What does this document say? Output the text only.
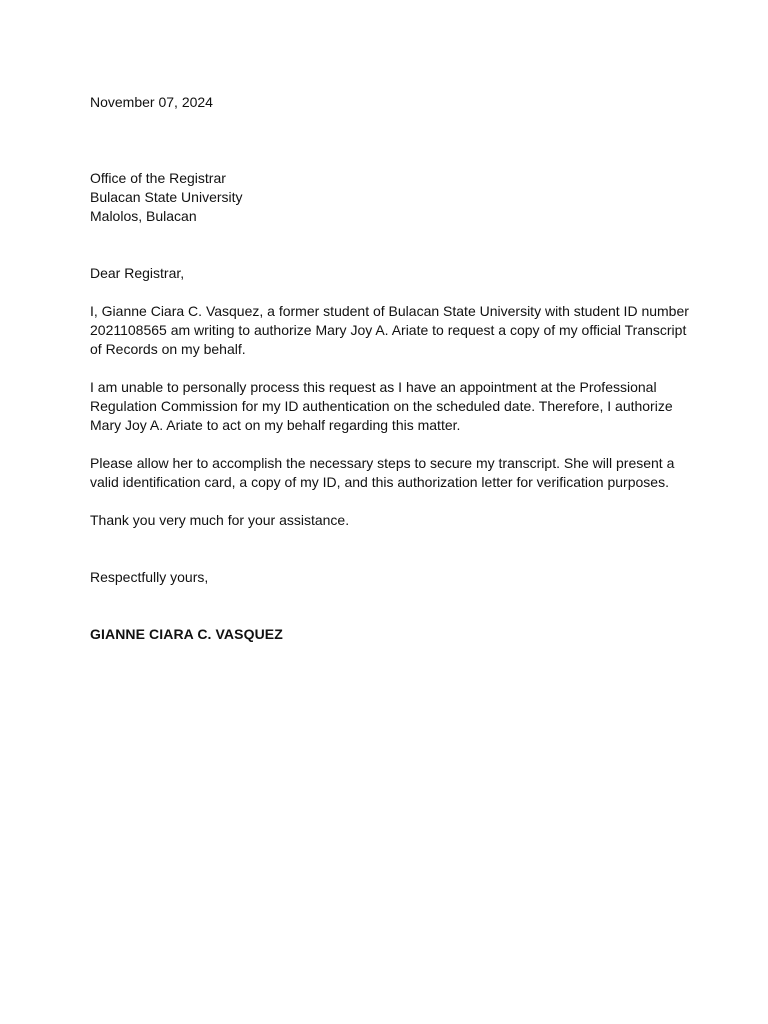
November 07, 2024

Office of the Registrar
Bulacan State University
Malolos, Bulacan

Dear Registrar,

I, Gianne Ciara C. Vasquez, a former student of Bulacan State University with student ID number 2021108565 am writing to authorize Mary Joy A. Ariate to request a copy of my official Transcript of Records on my behalf.

I am unable to personally process this request as I have an appointment at the Professional Regulation Commission for my ID authentication on the scheduled date. Therefore, I authorize Mary Joy A. Ariate to act on my behalf regarding this matter.

Please allow her to accomplish the necessary steps to secure my transcript. She will present a valid identification card, a copy of my ID, and this authorization letter for verification purposes.

Thank you very much for your assistance.

Respectfully yours,

GIANNE CIARA C. VASQUEZ
